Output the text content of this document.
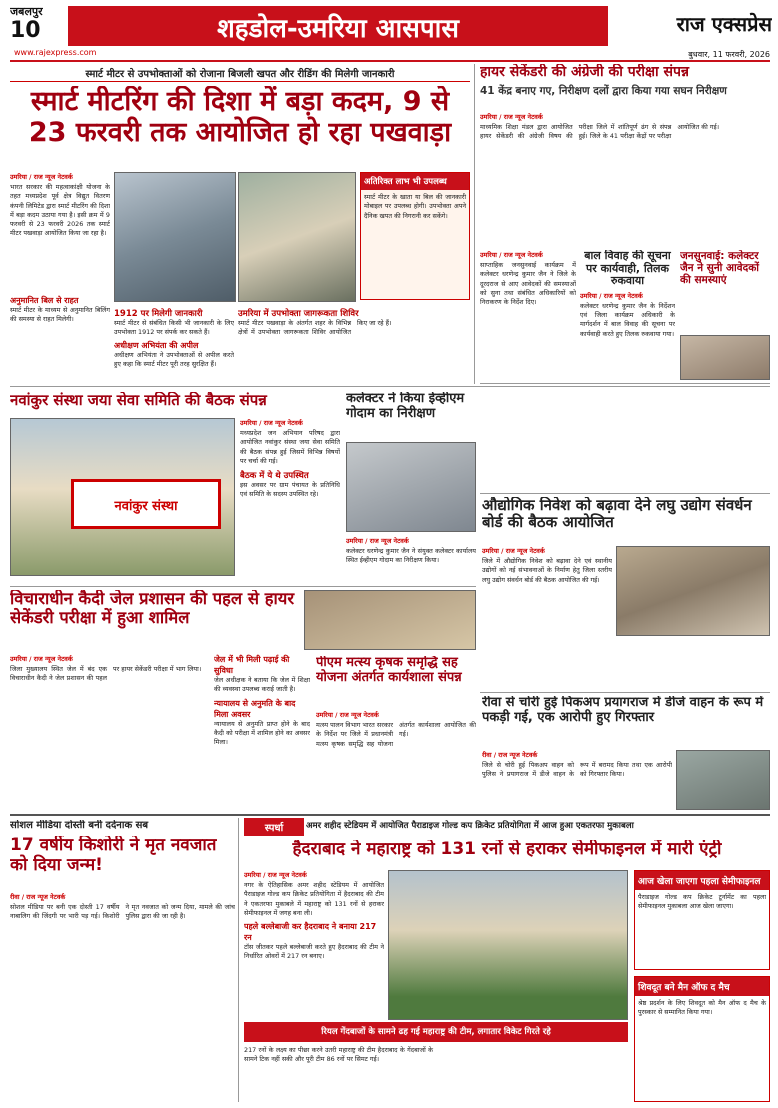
जबलपुर
10	शहडोल-उमरिया आसपास	राज एक्सप्रेस
www.rajexpress.com	बुधवार, 11 फरवरी, 2026
स्मार्ट मीटर से उपभोक्ताओं को रोजाना बिजली खपत और रीडिंग की मिलेगी जानकारी
स्मार्ट मीटरिंग की दिशा में बड़ा कदम, 9 से 23 फरवरी तक आयोजित हो रहा पखवाड़ा
उमरिया / राज न्यूज नेटवर्क
भारत सरकार की महत्वाकांक्षी योजना के तहत मध्यप्रदेश पूर्व क्षेत्र विद्युत वितरण कंपनी लिमिटेड द्वारा स्मार्ट मीटरिंग की दिशा में बड़ा कदम उठाया गया है। इसी क्रम में 9 फरवरी से 23 फरवरी 2026 तक स्मार्ट मीटर पखवाड़ा आयोजित किया जा रहा है।
अतिरिक्त लाभ भी उपलब्ध
स्मार्ट मीटर के खाता या बिल की जानकारी मोबाइल पर उपलब्ध होगी। उपभोक्ता अपने दैनिक खपत की निगरानी कर सकेंगे।
अनुमानित बिल से राहत
स्मार्ट मीटर के माध्यम से अनुमानित बिलिंग की समस्या से राहत मिलेगी।
1912 पर मिलेगी जानकारी
स्मार्ट मीटर से संबंधित किसी भी जानकारी के लिए उपभोक्ता 1912 पर संपर्क कर सकते हैं।
अधीक्षण अभियंता की अपील
अधीक्षण अभियंता ने उपभोक्ताओं से अपील करते हुए कहा कि स्मार्ट मीटर पूरी तरह सुरक्षित हैं।
उमरिया में उपभोक्ता जागरूकता शिविर
स्मार्ट मीटर पखवाड़ा के अंतर्गत शहर के विभिन्न क्षेत्रों में उपभोक्ता जागरूकता शिविर आयोजित किए जा रहे हैं।
हायर सेकेंडरी की अंग्रेजी की परीक्षा संपन्न
41 केंद्र बनाए गए, निरीक्षण दलों द्वारा किया गया सघन निरीक्षण
उमरिया / राज न्यूज नेटवर्क
माध्यमिक शिक्षा मंडल द्वारा आयोजित हायर सेकेंडरी की अंग्रेजी विषय की परीक्षा जिले में शांतिपूर्ण ढंग से संपन्न हुई। जिले के 41 परीक्षा केंद्रों पर परीक्षा आयोजित की गई।
बाल विवाह की सूचना पर कार्यवाही, तिलक रुकवाया
उमरिया / राज न्यूज नेटवर्क
कलेक्टर धरणेन्द्र कुमार जैन के निर्देशन एवं जिला कार्यक्रम अधिकारी के मार्गदर्शन में बाल विवाह की सूचना पर कार्यवाही करते हुए तिलक रुकवाया गया।
जनसुनवाई: कलेक्टर जैन ने सुनी आवेदकों की समस्याएं
उमरिया / राज न्यूज नेटवर्क
साप्ताहिक जनसुनवाई कार्यक्रम में कलेक्टर धरणेन्द्र कुमार जैन ने जिले के दूरदराज से आए आवेदकों की समस्याओं को सुना तथा संबंधित अधिकारियों को निराकरण के निर्देश दिए।
नवांकुर संस्था जया सेवा समिति की बैठक संपन्न
नवांकुर संस्था
उमरिया / राज न्यूज नेटवर्क
मध्यप्रदेश जन अभियान परिषद द्वारा आयोजित नवांकुर संस्था जया सेवा समिति की बैठक संपन्न हुई जिसमें विभिन्न विषयों पर चर्चा की गई।
बैठक में ये थे उपस्थित
इस अवसर पर ग्राम पंचायत के प्रतिनिधि एवं समिति के सदस्य उपस्थित रहे।
कलेक्टर ने किया ईव्हीएम गोदाम का निरीक्षण
उमरिया / राज न्यूज नेटवर्क
कलेक्टर धरणेन्द्र कुमार जैन ने संयुक्त कलेक्टर कार्यालय स्थित ईव्हीएम गोदाम का निरीक्षण किया।
औद्योगिक निवेश को बढ़ावा देने लघु उद्योग संवर्धन बोर्ड की बैठक आयोजित
उमरिया / राज न्यूज नेटवर्क
जिले में औद्योगिक निवेश को बढ़ावा देने एवं स्थानीय उद्योगों को नई संभावनाओं के निर्माण हेतु जिला स्तरीय लघु उद्योग संवर्धन बोर्ड की बैठक आयोजित की गई।
विचाराधीन कैदी जेल प्रशासन की पहल से हायर सेकेंडरी परीक्षा में हुआ शामिल
उमरिया / राज न्यूज नेटवर्क
जिला मुख्यालय स्थित जेल में बंद एक विचाराधीन कैदी ने जेल प्रशासन की पहल पर हायर सेकेंडरी परीक्षा में भाग लिया।
जेल में भी मिली पढ़ाई की सुविधा
जेल अधीक्षक ने बताया कि जेल में शिक्षा की व्यवस्था उपलब्ध कराई जाती है।
न्यायालय से अनुमति के बाद मिला अवसर
न्यायालय से अनुमति प्राप्त होने के बाद कैदी को परीक्षा में शामिल होने का अवसर मिला।
पीएम मत्स्य कृषक समृद्धि सह योजना अंतर्गत कार्यशाला संपन्न
उमरिया / राज न्यूज नेटवर्क
मत्स्य पालन विभाग भारत सरकार के निर्देश पर जिले में प्रधानमंत्री मत्स्य कृषक समृद्धि सह योजना अंतर्गत कार्यशाला आयोजित की गई।
रीवा से चोरी हुई पिकअप प्रयागराज में डीजे वाहन के रूप में पकड़ी गई, एक आरोपी हुए गिरफ्तार
रीवा / राज न्यूज नेटवर्क
जिले से चोरी हुई पिकअप वाहन को पुलिस ने प्रयागराज में डीजे वाहन के रूप में बरामद किया तथा एक आरोपी को गिरफ्तार किया।
सोशल मीडिया दोस्ती बनी दर्दनाक सब
17 वर्षीय किशोरी ने मृत नवजात को दिया जन्म!
रीवा / राज न्यूज नेटवर्क
सोशल मीडिया पर बनी एक दोस्ती 17 वर्षीय नाबालिग की जिंदगी पर भारी पड़ गई। किशोरी ने मृत नवजात को जन्म दिया, मामले की जांच पुलिस द्वारा की जा रही है।
स्पर्धा	अमर शहीद स्टेडियम में आयोजित पैराडाइज गोल्ड कप क्रिकेट प्रतियोगिता में आज हुआ एकतरफा मुकाबला
हैदराबाद ने महाराष्ट्र को 131 रनों से हराकर सेमीफाइनल में मारी एंट्री
उमरिया / राज न्यूज नेटवर्क
नगर के ऐतिहासिक अमर शहीद स्टेडियम में आयोजित पैराडाइज गोल्ड कप क्रिकेट प्रतियोगिता में हैदराबाद की टीम ने एकतरफा मुकाबले में महाराष्ट्र को 131 रनों से हराकर सेमीफाइनल में जगह बना ली।
पहले बल्लेबाजी कर हैदराबाद ने बनाया 217 रन
टॉस जीतकर पहले बल्लेबाजी करते हुए हैदराबाद की टीम ने निर्धारित ओवरों में 217 रन बनाए।
रियल गेंदबाजों के सामने ढह गई महाराष्ट्र की टीम, लगातार विकेट गिरते रहे
217 रनों के लक्ष्य का पीछा करने उतरी महाराष्ट्र की टीम हैदराबाद के गेंदबाजों के सामने टिक नहीं सकी और पूरी टीम 86 रनों पर सिमट गई।
आज खेला जाएगा पहला सेमीफाइनल
पैराडाइज गोल्ड कप क्रिकेट टूर्नामेंट का पहला सेमीफाइनल मुकाबला आज खेला जाएगा।
शिवदूत बने मैन ऑफ द मैच
श्रेष्ठ प्रदर्शन के लिए शिवदूत को मैन ऑफ द मैच के पुरस्कार से सम्मानित किया गया।
